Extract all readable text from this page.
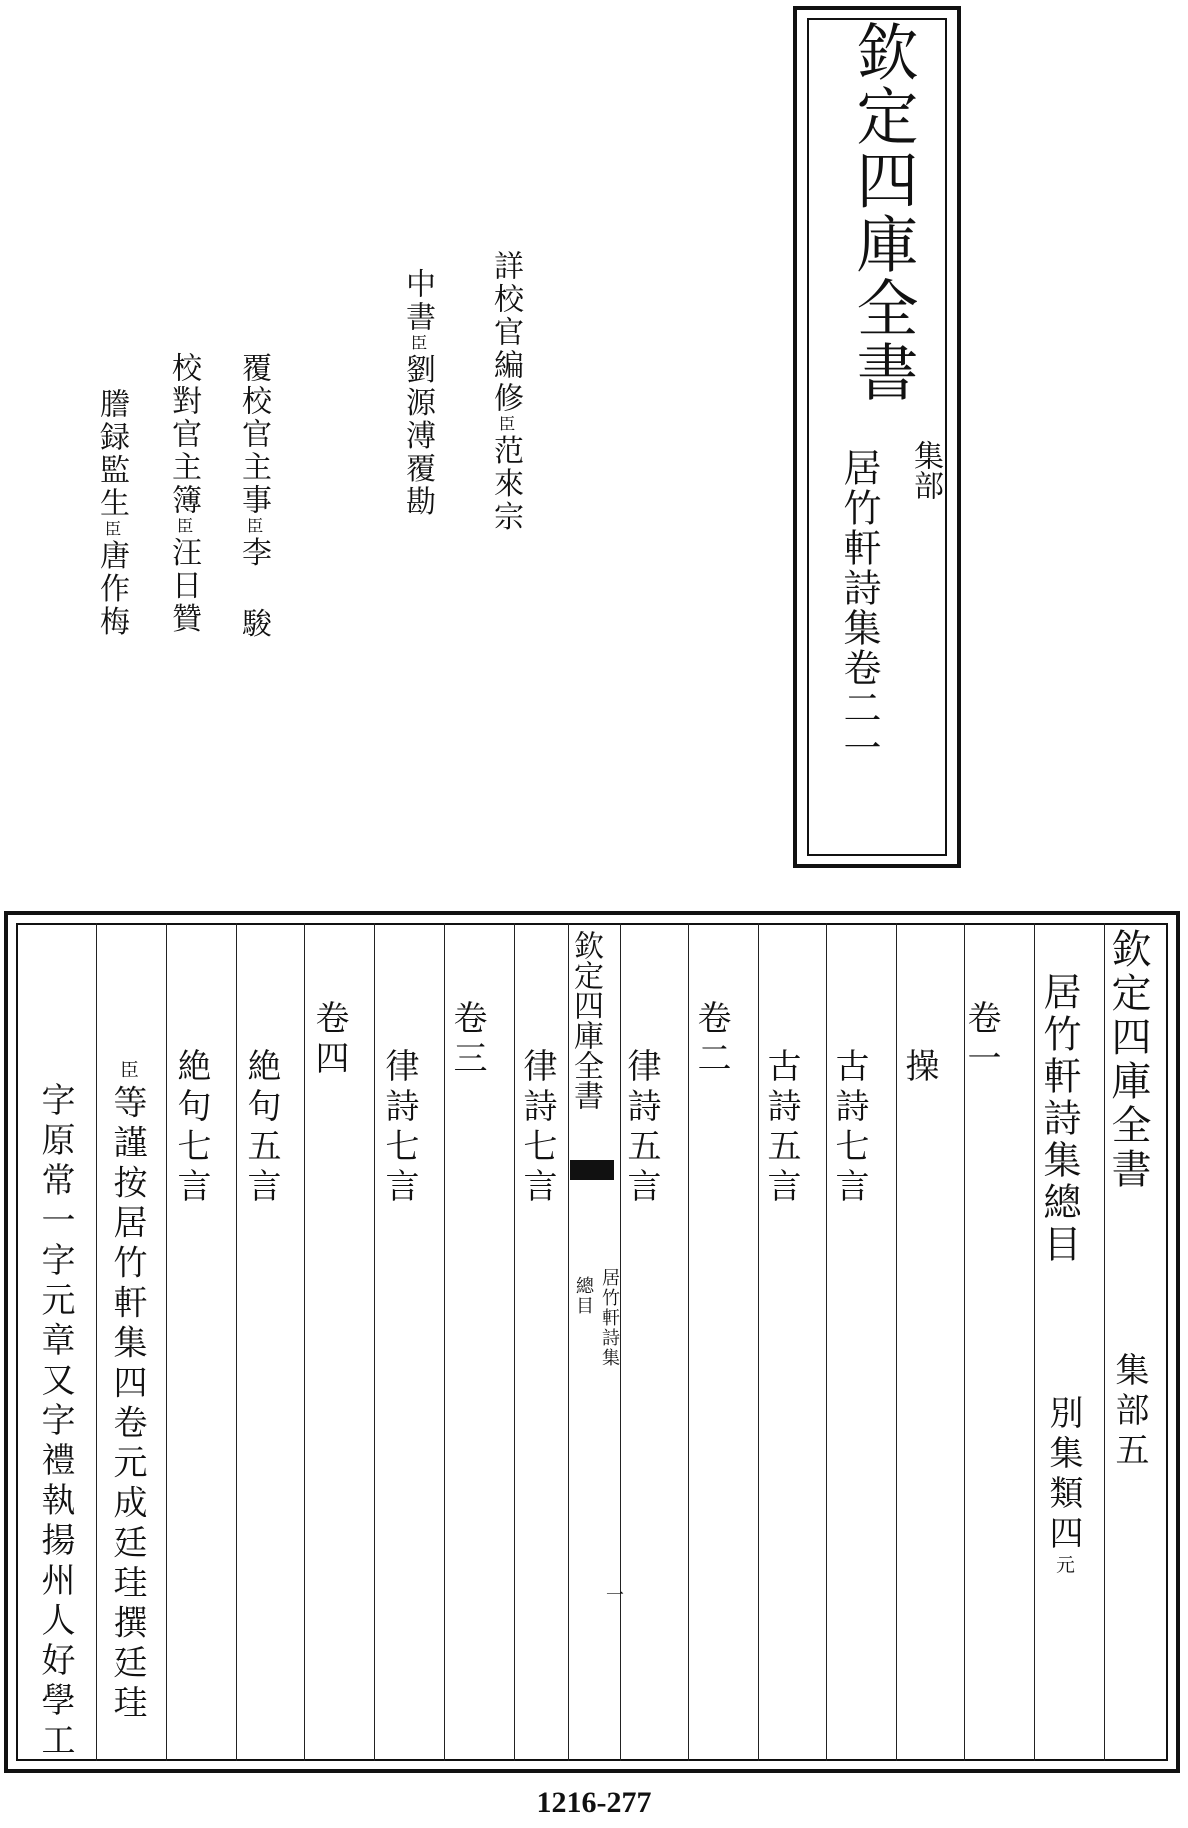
欽定四庫全書
集部
居竹軒詩集卷二一
詳校官編修臣范來宗
中書臣劉源溥覆勘
覆校官主事臣李 駿
校對官主簿臣汪日贊
謄録監生臣唐作梅
欽定四庫全書
集部五
居竹軒詩集總目
別集類四元
卷一
操
古詩七言
古詩五言
卷二
律詩五言
欽定四庫全書
居竹軒詩集
總目
一
律詩七言
卷三
律詩七言
卷四
絶句五言
絶句七言
臣等謹按居竹軒集四卷元成廷珪撰廷珪
字原常一字元章又字禮執揚州人好學工
1216-277
